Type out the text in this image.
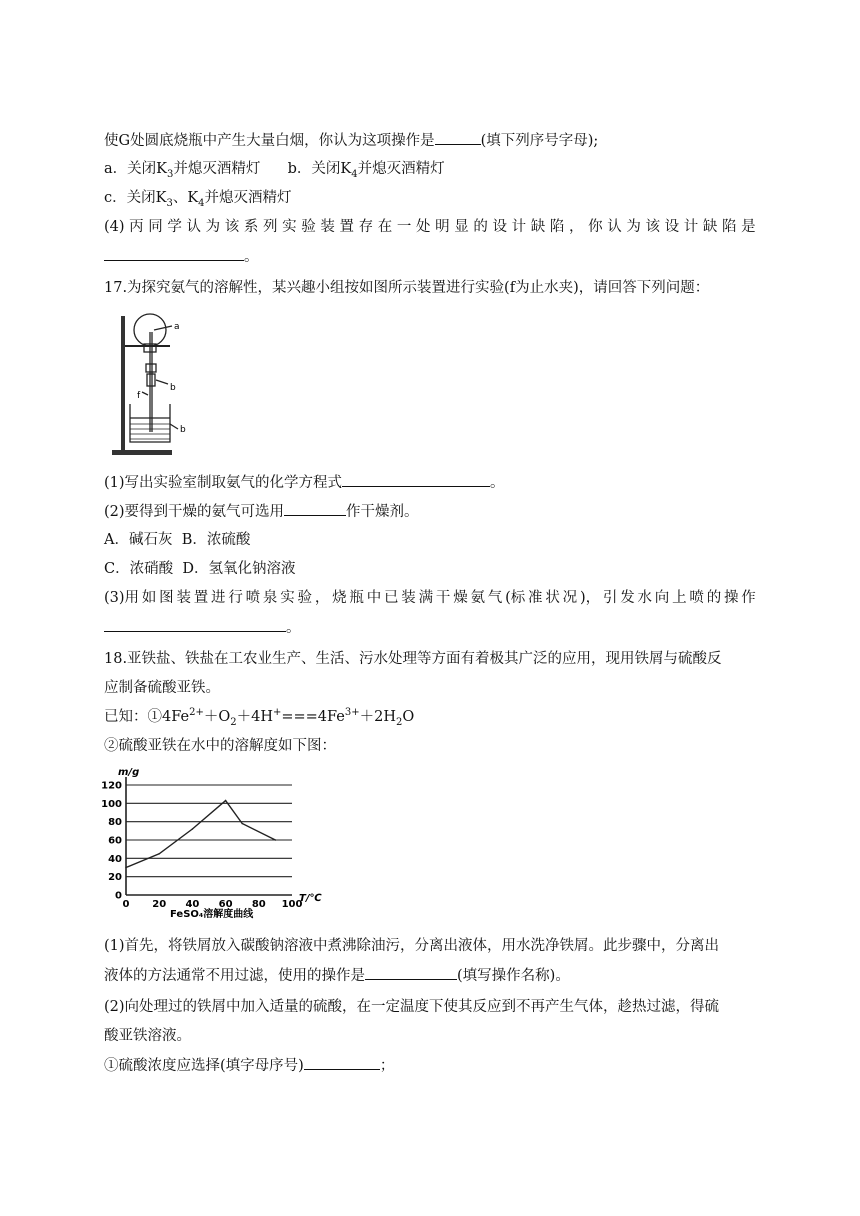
使G处圆底烧瓶中产生大量白烟，你认为这项操作是	(填下列序号字母);
a．关闭$K_3$并熄灭酒精灯 b．关闭$K_4$并熄灭酒精灯
c．关闭$K_3$、$K_4$并熄灭酒精灯
(4) 丙 同 学 认 为 该 系 列 实 验 装 置 存 在 一 处 明 显 的 设 计 缺 陷 ， 你 认 为 该 设 计 缺 陷 是
。
17.为探究氨气的溶解性，某兴趣小组按如图所示装置进行实验(f为止水夹)，请回答下列问题：
a
b
f
b
(1)写出实验室制取氨气的化学方程式	。
(2)要得到干燥的氨气可选用	作干燥剂。
A．碱石灰 B．浓硫酸
C．浓硝酸 D．氢氧化钠溶液
(3)用 如 图 装 置 进 行 喷 泉 实 验 ， 烧 瓶 中 已 装 满 干 燥 氨 气 (标 准 状 况 )， 引 发 水 向 上 喷 的 操 作
。
18.亚铁盐、铁盐在工农业生产、生活、污水处理等方面有着极其广泛的应用，现用铁屑与硫酸反
应制备硫酸亚铁。
已知：$①4Fe^{2+}+O_2+4H^+===4Fe^{3+}+2H_2O$
②硫酸亚铁在水中的溶解度如下图：
0
20
40
60
80
100
120
0 20 40 60 80 100
m/g
T/℃
FeSO₄溶解度曲线
(1)首先，将铁屑放入碳酸钠溶液中煮沸除油污，分离出液体，用水洗净铁屑。此步骤中，分离出
液体的方法通常不用过滤，使用的操作是	(填写操作名称)。
(2)向处理过的铁屑中加入适量的硫酸，在一定温度下使其反应到不再产生气体，趁热过滤，得硫
酸亚铁溶液。
①硫酸浓度应选择(填字母序号)	；
